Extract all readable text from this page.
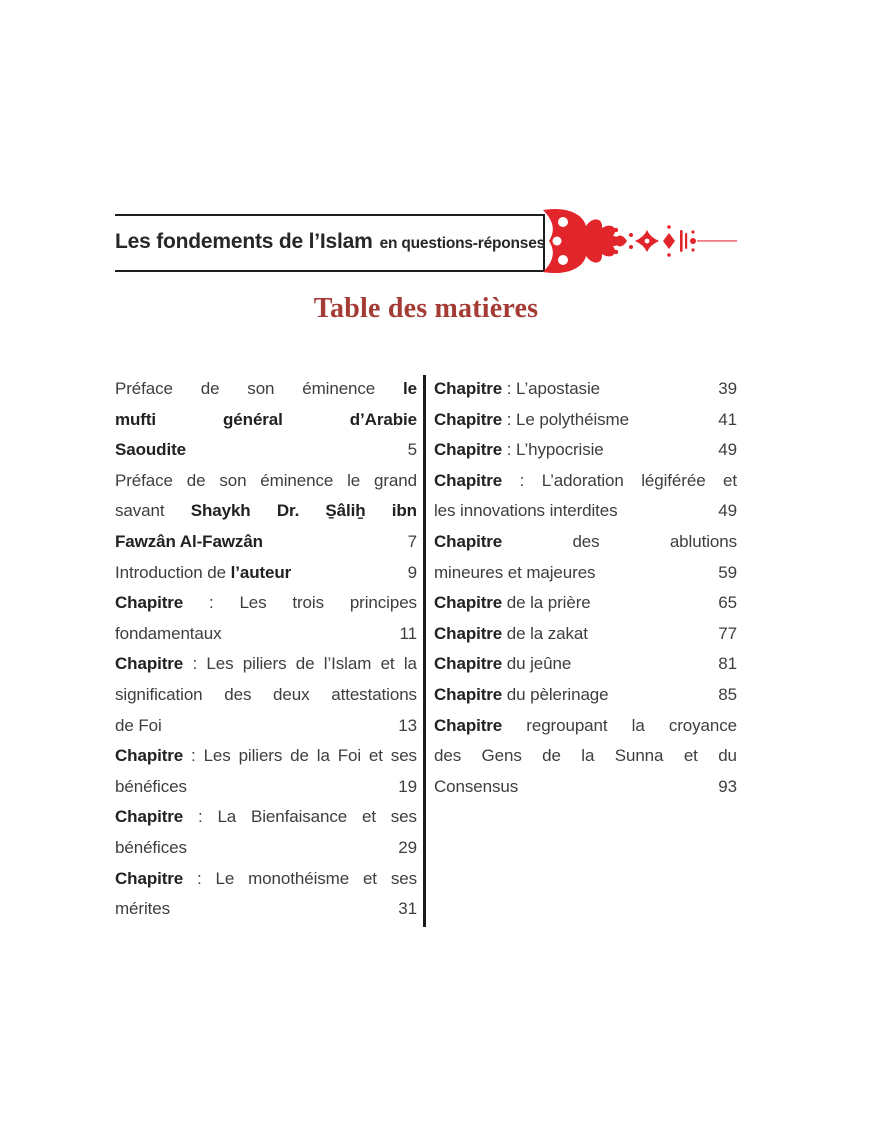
Les fondements de l’Islam en questions-réponses
Table des matières
Préface de son éminence le
mufti	général	d’Arabie
Saoudite	5
Préface de son éminence le grand
savant Shaykh Dr. S̱âliẖ ibn
Fawzân Al-Fawzân	7
Introduction de l’auteur	9
Chapitre : Les trois principes
fondamentaux	11
Chapitre : Les piliers de l’Islam et la
signification des deux attestations
de Foi	13
Chapitre : Les piliers de la Foi et ses
bénéfices	19
Chapitre : La Bienfaisance et ses
bénéfices	29
Chapitre : Le monothéisme et ses
mérites	31
Chapitre : L’apostasie	39
Chapitre : Le polythéisme	41
Chapitre : L’hypocrisie	49
Chapitre : L’adoration légiférée et
les innovations interdites	49
Chapitre	des	ablutions
mineures et majeures	59
Chapitre de la prière	65
Chapitre de la zakat	77
Chapitre du jeûne	81
Chapitre du pèlerinage	85
Chapitre regroupant la croyance
des Gens de la Sunna et du
Consensus	93
